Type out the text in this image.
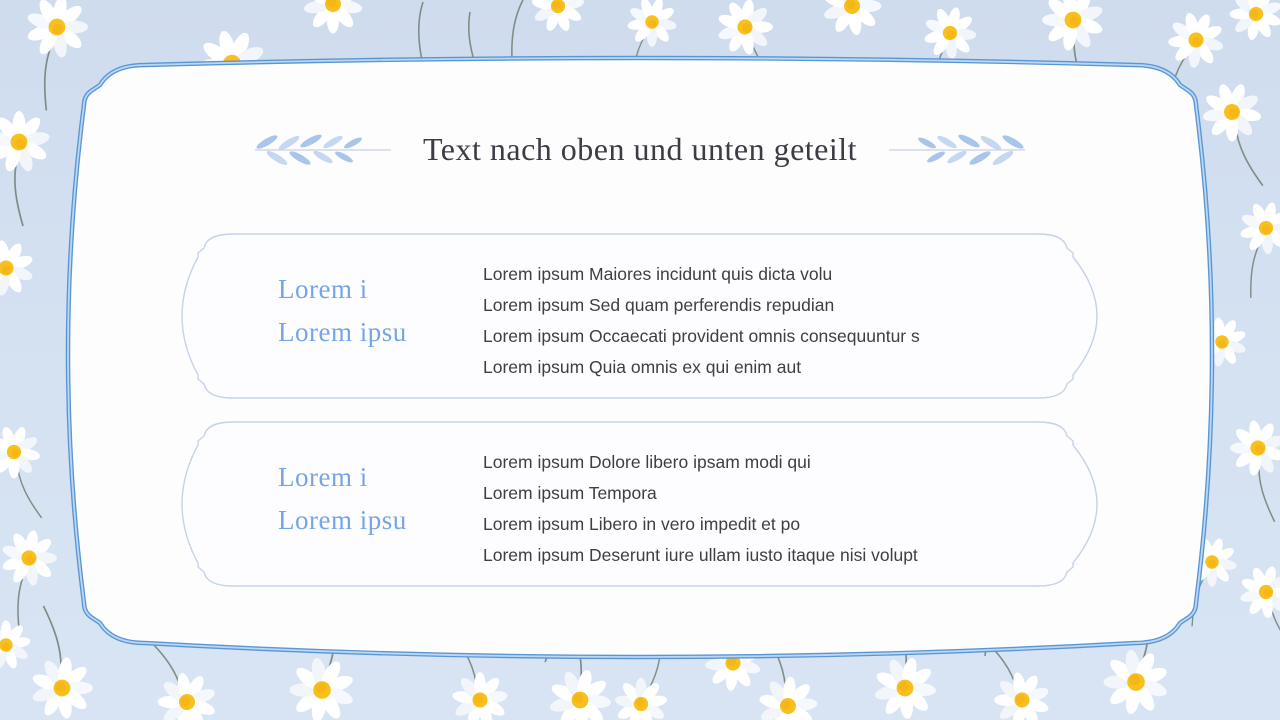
Text nach oben und unten geteilt
Lorem i
Lorem ipsu
Lorem ipsum Maiores incidunt quis dicta volu
Lorem ipsum Sed quam perferendis repudian
Lorem ipsum Occaecati provident omnis consequuntur s
Lorem ipsum Quia omnis ex qui enim aut
Lorem i
Lorem ipsu
Lorem ipsum Dolore libero ipsam modi qui
Lorem ipsum Tempora
Lorem ipsum Libero in vero impedit et po
Lorem ipsum Deserunt iure ullam iusto itaque nisi volupt
